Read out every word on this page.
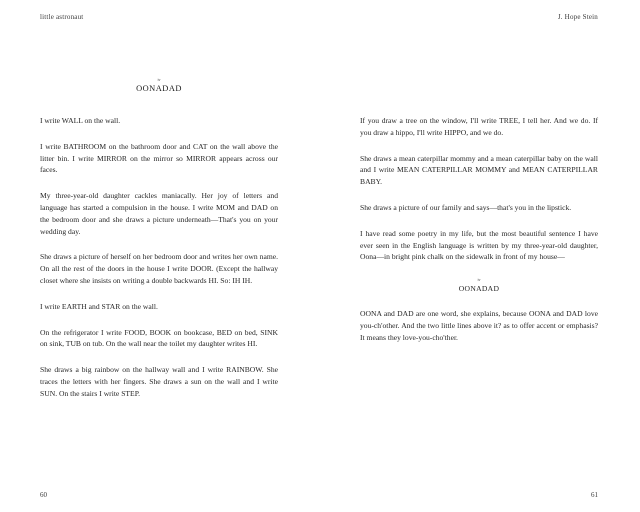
little astronaut
iv
OONADAD

I write WALL on the wall.

I write BATHROOM on the bathroom door and CAT on the wall above the litter bin. I write MIRROR on the mirror so MIRROR appears across our faces.

My three-year-old daughter cackles maniacally. Her joy of letters and language has started a compulsion in the house. I write MOM and DAD on the bedroom door and she draws a picture underneath—That's you on your wedding day.

She draws a picture of herself on her bedroom door and writes her own name. On all the rest of the doors in the house I write DOOR. (Except the hallway closet where she insists on writing a double backwards HI. So: IH IH.

I write EARTH and STAR on the wall.

On the refrigerator I write FOOD, BOOK on bookcase, BED on bed, SINK on sink, TUB on tub. On the wall near the toilet my daughter writes HI.

She draws a big rainbow on the hallway wall and I write RAINBOW. She traces the letters with her fingers. She draws a sun on the wall and I write SUN. On the stairs I write STEP.

60
J. Hope Stein

If you draw a tree on the window, I'll write TREE, I tell her. And we do. If you draw a hippo, I'll write HIPPO, and we do.

She draws a mean caterpillar mommy and a mean caterpillar baby on the wall and I write MEAN CATERPILLAR MOMMY and MEAN CATERPILLAR BABY.

She draws a picture of our family and says—that's you in the lipstick.

I have read some poetry in my life, but the most beautiful sentence I have ever seen in the English language is written by my three-year-old daughter, Oona—in bright pink chalk on the sidewalk in front of my house—

iv
OONADAD

OONA and DAD are one word, she explains, because OONA and DAD love you-ch'other. And the two little lines above it? as to offer accent or emphasis? It means they love-you-cho'ther.

61
